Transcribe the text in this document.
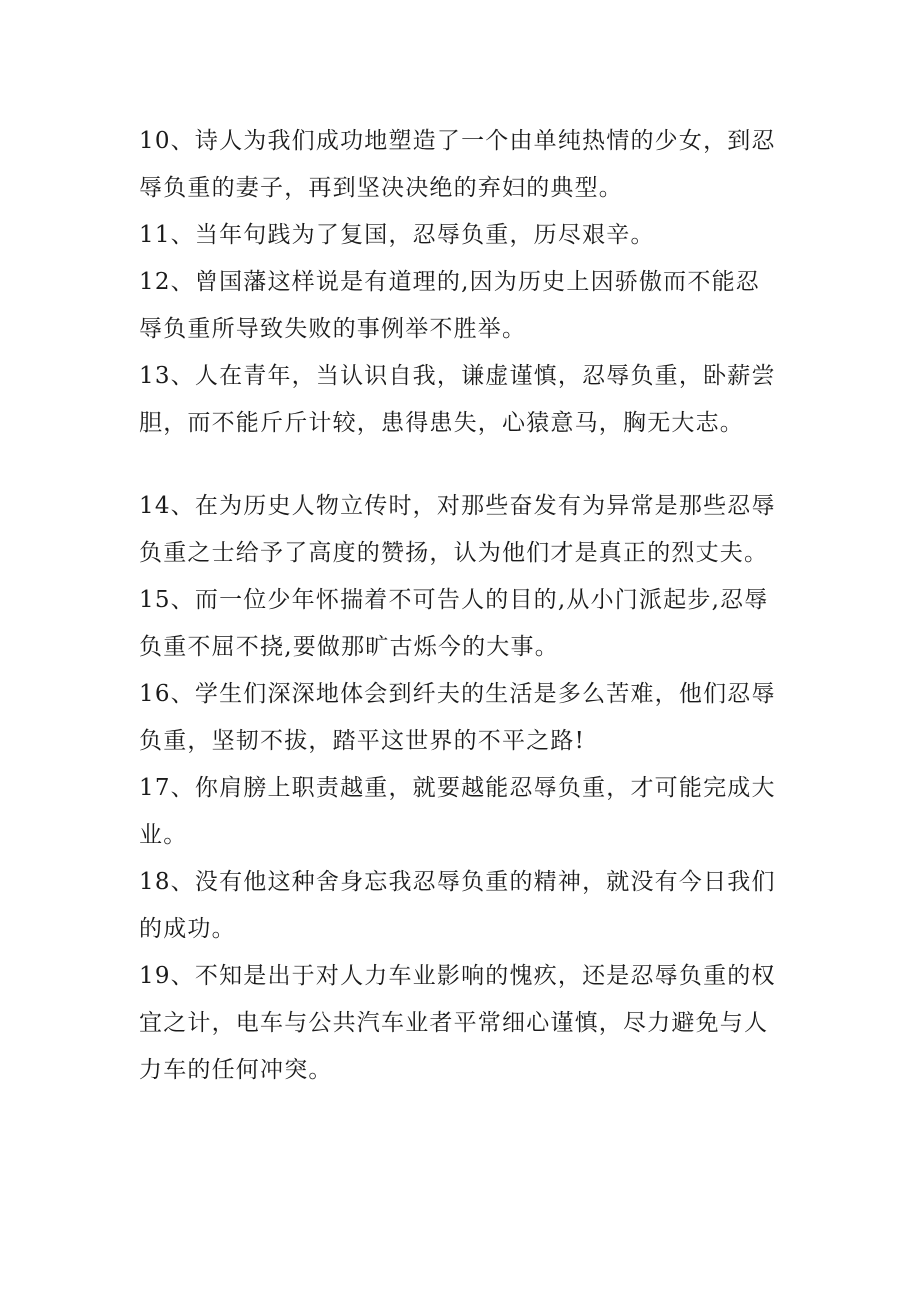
10、诗人为我们成功地塑造了一个由单纯热情的少女，到忍辱负重的妻子，再到坚决决绝的弃妇的典型。

11、当年句践为了复国，忍辱负重，历尽艰辛。

12、曾国藩这样说是有道理的,因为历史上因骄傲而不能忍辱负重所导致失败的事例举不胜举。

13、人在青年，当认识自我，谦虚谨慎，忍辱负重，卧薪尝胆，而不能斤斤计较，患得患失，心猿意马，胸无大志。

14、在为历史人物立传时，对那些奋发有为异常是那些忍辱负重之士给予了高度的赞扬，认为他们才是真正的烈丈夫。

15、而一位少年怀揣着不可告人的目的,从小门派起步,忍辱负重不屈不挠,要做那旷古烁今的大事。

16、学生们深深地体会到纤夫的生活是多么苦难，他们忍辱负重，坚韧不拔，踏平这世界的不平之路!

17、你肩膀上职责越重，就要越能忍辱负重，才可能完成大业。

18、没有他这种舍身忘我忍辱负重的精神，就没有今日我们的成功。

19、不知是出于对人力车业影响的愧疚，还是忍辱负重的权宜之计，电车与公共汽车业者平常细心谨慎，尽力避免与人力车的任何冲突。
